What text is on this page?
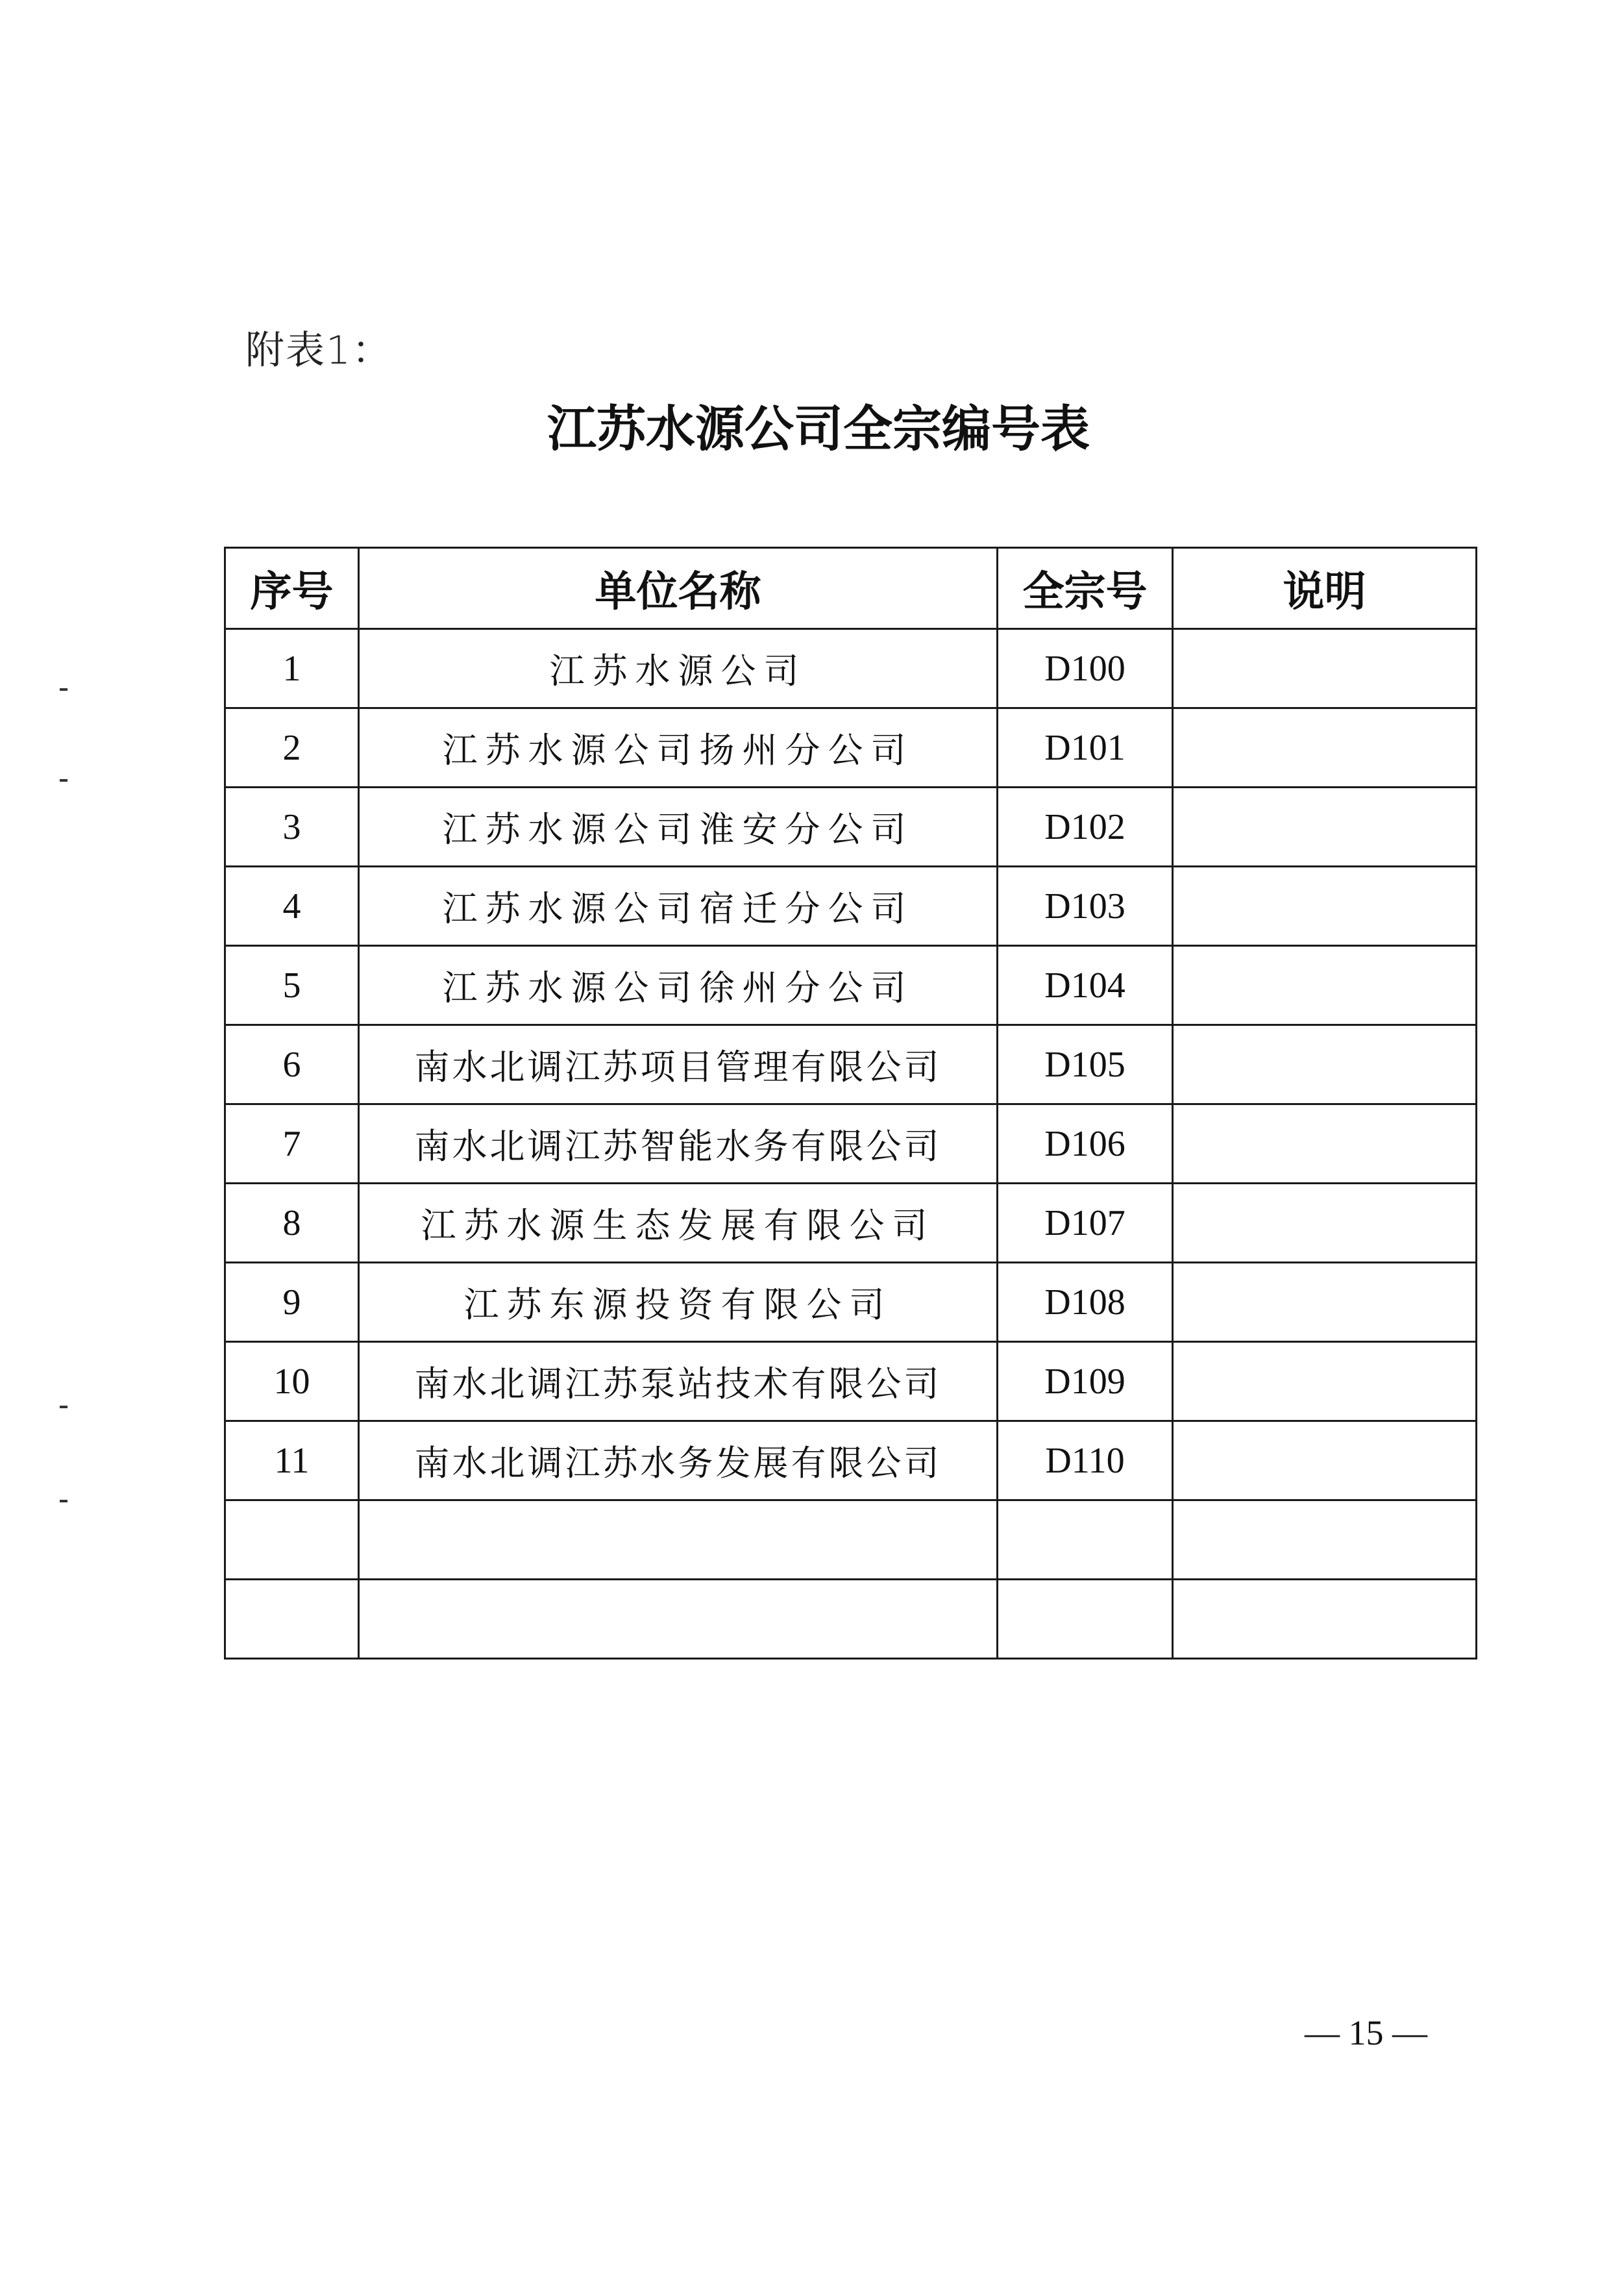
附表1：
江苏水源公司全宗编号表
序号	单位名称	全宗号	说明
1	江苏水源公司	D100	
2	江苏水源公司扬州分公司	D101	
3	江苏水源公司淮安分公司	D102	
4	江苏水源公司宿迁分公司	D103	
5	江苏水源公司徐州分公司	D104	
6	南水北调江苏项目管理有限公司	D105	
7	南水北调江苏智能水务有限公司	D106	
8	江苏水源生态发展有限公司	D107	
9	江苏东源投资有限公司	D108	
10	南水北调江苏泵站技术有限公司	D109	
11	南水北调江苏水务发展有限公司	D110	

— 15 —
